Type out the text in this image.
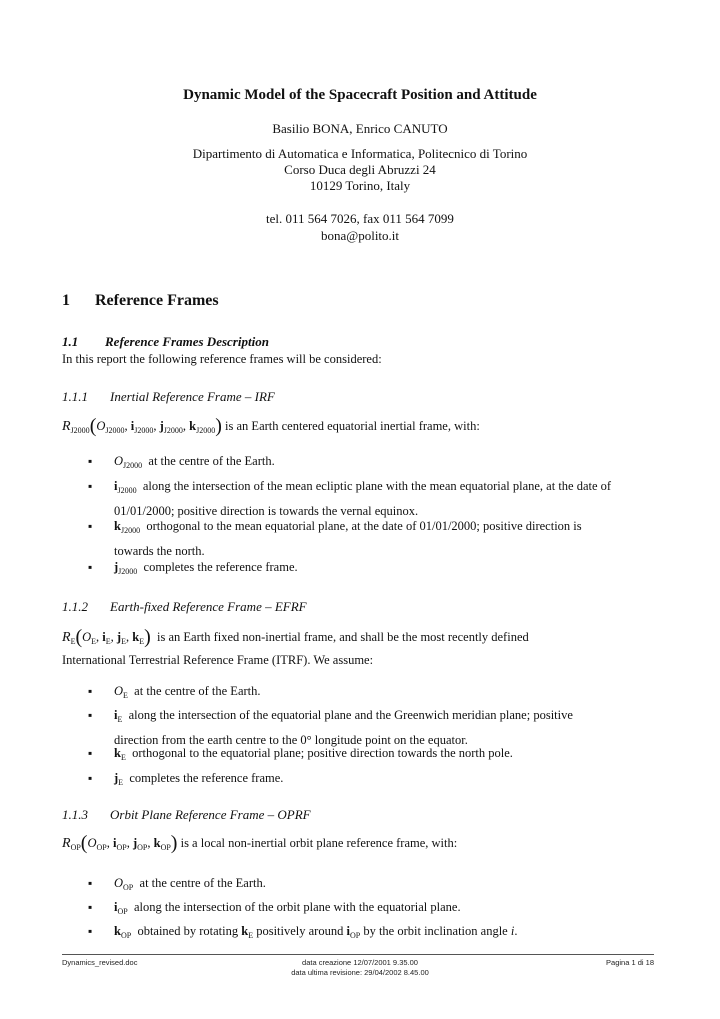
Dynamic Model of the Spacecraft Position and Attitude
Basilio BONA, Enrico CANUTO
Dipartimento di Automatica e Informatica, Politecnico di Torino
Corso Duca degli Abruzzi 24
10129 Torino, Italy
tel. 011 564 7026, fax 011 564 7099
bona@polito.it
1 Reference Frames
1.1 Reference Frames Description
In this report the following reference frames will be considered:
1.1.1 Inertial Reference Frame – IRF
$R_{J2000}(O_{J2000}$, $i_{J2000}$, $j_{J2000}$, $k_{J2000}$) is an Earth centered equatorial inertial frame, with:
▪ $O_{J2000}$ at the centre of the Earth.
▪ $i_{J2000}$ along the intersection of the mean ecliptic plane with the mean equatorial plane, at the date of
01/01/2000; positive direction is towards the vernal equinox.
▪ $k_{J2000}$ orthogonal to the mean equatorial plane, at the date of 01/01/2000; positive direction is
towards the north.
▪ $j_{J2000}$ completes the reference frame.
1.1.2 Earth-fixed Reference Frame – EFRF
$R_E(O_E$, $i_E$, $j_E$, $k_E$) is an Earth fixed non-inertial frame, and shall be the most recently defined
International Terrestrial Reference Frame (ITRF). We assume:
▪ $O_E$ at the centre of the Earth.
▪ $i_E$ along the intersection of the equatorial plane and the Greenwich meridian plane; positive
direction from the earth centre to the 0° longitude point on the equator.
▪ $k_E$ orthogonal to the equatorial plane; positive direction towards the north pole.
▪ $j_E$ completes the reference frame.
1.1.3 Orbit Plane Reference Frame – OPRF
$R_{OP}(O_{OP}$, $i_{OP}$, $j_{OP}$, $k_{OP}$) is a local non-inertial orbit plane reference frame, with:
▪ $O_{OP}$ at the centre of the Earth.
▪ $i_{OP}$ along the intersection of the orbit plane with the equatorial plane.
▪ $k_{OP}$ obtained by rotating $k_E$ positively around $i_{OP}$ by the orbit inclination angle i.
Dynamics_revised.doc	data creazione 12/07/2001 9.35.00
data ultima revisione: 29/04/2002 8.45.00
Pagina 1 di 18
